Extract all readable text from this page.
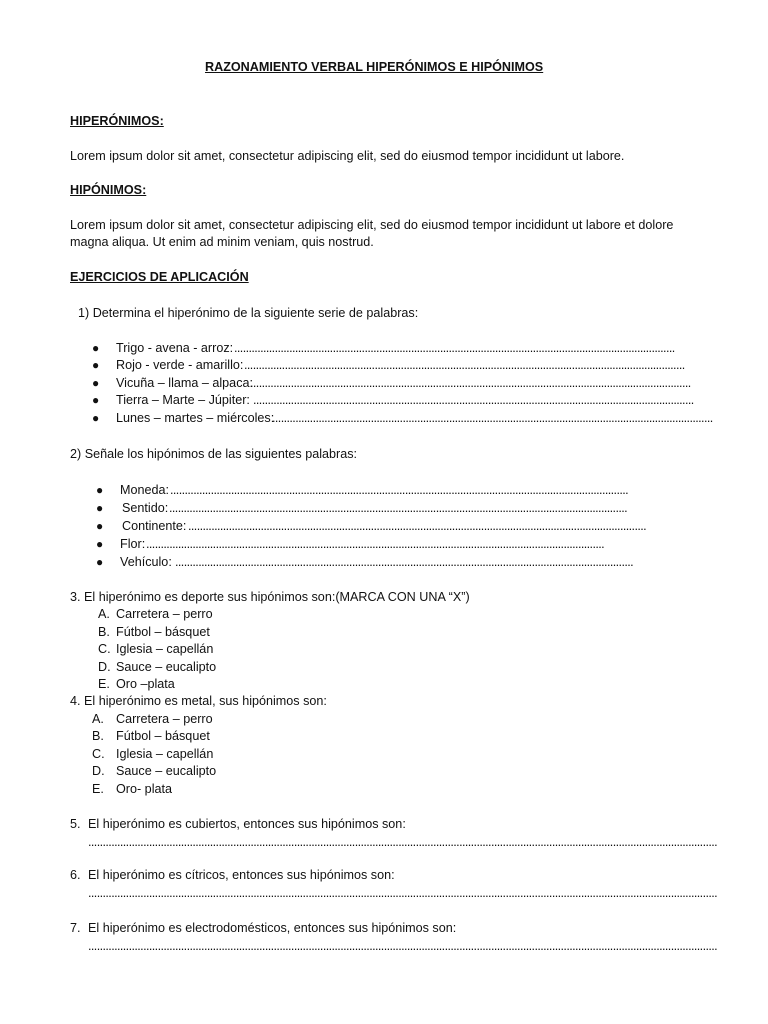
RAZONAMIENTO VERBAL HIPERÓNIMOS E HIPÓNIMOS
HIPERÓNIMOS:
Lorem ipsum dolor sit amet, consectetur adipiscing elit, sed do eiusmod tempor incididunt ut labore.
HIPÓNIMOS:
Lorem ipsum dolor sit amet, consectetur adipiscing elit, sed do eiusmod tempor incididunt ut labore et dolore magna aliqua. Ut enim ad minim veniam, quis nostrud.
EJERCICIOS DE APLICACIÓN
1) Determina el hiperónimo de la siguiente serie de palabras:
● Trigo - avena - arroz: ........................................................................................................................................................
● Rojo - verde - amarillo: ........................................................................................................................................................
● Vicuña – llama – alpaca:
........................................................................................................................................................
● Tierra – Marte – Júpiter: ........................................................................................................................................................
● Lunes – martes – miércoles:
........................................................................................................................................................
2) Señale los hipónimos de las siguientes palabras:
● Moneda: ..............................................................................................................................................................
● Sentido: ..............................................................................................................................................................
● Continente: ..............................................................................................................................................................
● Flor: ..............................................................................................................................................................
● Vehículo: ..............................................................................................................................................................
3. El hiperónimo es deporte sus hipónimos son:(MARCA CON UNA “X”)
A. Carretera – perro
B. Fútbol – básquet
C. Iglesia – capellán
D. Sauce – eucalipto
E. Oro –plata
4. El hiperónimo es metal, sus hipónimos son:
A. Carretera – perro
B. Fútbol – básquet
C. Iglesia – capellán
D. Sauce – eucalipto
E. Oro- plata
5. El hiperónimo es cubiertos, entonces sus hipónimos son:
.........................................................................................................................................................................................................................
6. El hiperónimo es cítricos, entonces sus hipónimos son:
.........................................................................................................................................................................................................................
7. El hiperónimo es electrodomésticos, entonces sus hipónimos son:
.........................................................................................................................................................................................................................
